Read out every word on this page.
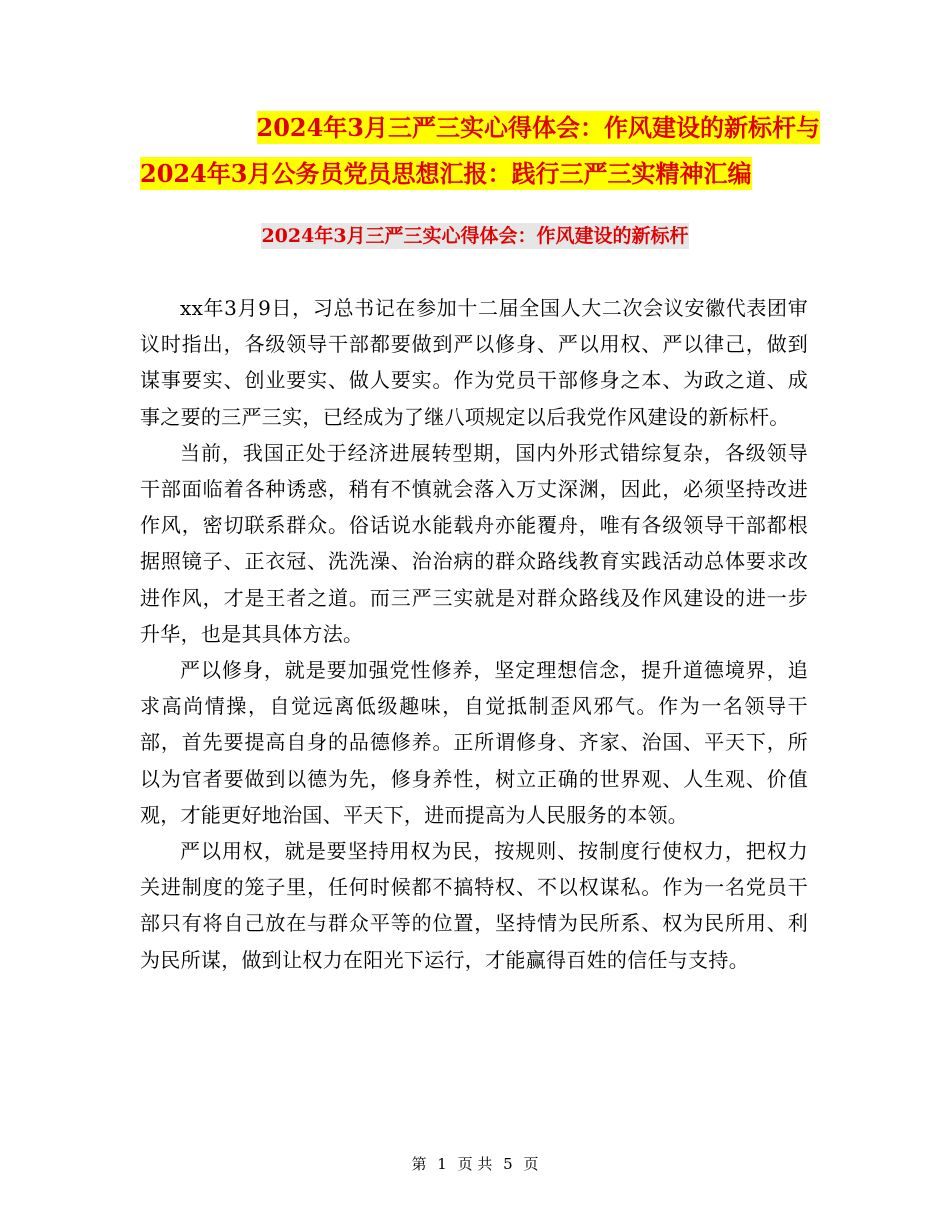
2024年3月三严三实心得体会：作风建设的新标杆与
2024年3月公务员党员思想汇报：践行三严三实精神汇编
2024年3月三严三实心得体会：作风建设的新标杆

xx年3月9日，习总书记在参加十二届全国人大二次会议安徽代表团审议时指出，各级领导干部都要做到严以修身、严以用权、严以律己，做到谋事要实、创业要实、做人要实。作为党员干部修身之本、为政之道、成事之要的三严三实，已经成为了继八项规定以后我党作风建设的新标杆。

当前，我国正处于经济进展转型期，国内外形式错综复杂，各级领导干部面临着各种诱惑，稍有不慎就会落入万丈深渊，因此，必须坚持改进作风，密切联系群众。俗话说水能载舟亦能覆舟，唯有各级领导干部都根据照镜子、正衣冠、洗洗澡、治治病的群众路线教育实践活动总体要求改进作风，才是王者之道。而三严三实就是对群众路线及作风建设的进一步升华，也是其具体方法。

严以修身，就是要加强党性修养，坚定理想信念，提升道德境界，追求高尚情操，自觉远离低级趣味，自觉抵制歪风邪气。作为一名领导干部，首先要提高自身的品德修养。正所谓修身、齐家、治国、平天下，所以为官者要做到以德为先，修身养性，树立正确的世界观、人生观、价值观，才能更好地治国、平天下，进而提高为人民服务的本领。

严以用权，就是要坚持用权为民，按规则、按制度行使权力，把权力关进制度的笼子里，任何时候都不搞特权、不以权谋私。作为一名党员干部只有将自己放在与群众平等的位置，坚持情为民所系、权为民所用、利为民所谋，做到让权力在阳光下运行，才能赢得百姓的信任与支持。

第 1 页 共 5 页
